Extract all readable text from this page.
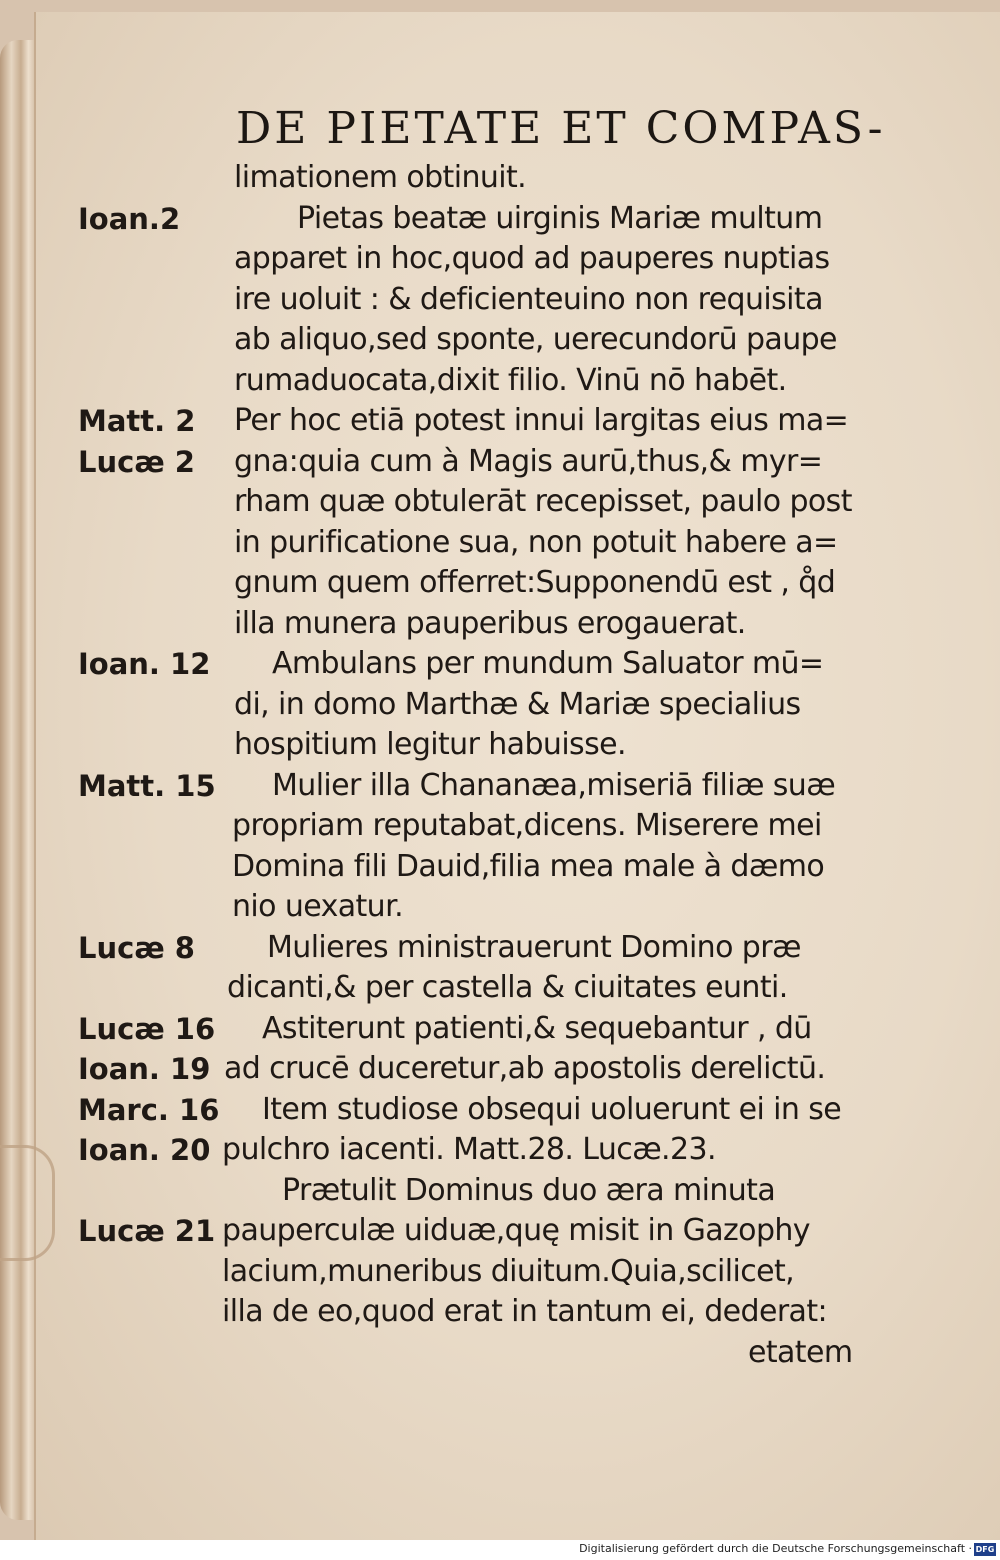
DE PIETATE ET COMPAS-
limationem obtinuit.
Ioan.2	Pietas beatæ uirginis Mariæ multum
apparet in hoc,quod ad pauperes nuptias
ire uoluit : & deficienteuino non requisita
ab aliquo,sed sponte, uerecundorū paupe
rumaduocata,dixit filio. Vinū nō habēt.
Matt. 2	Per hoc etiā potest innui largitas eius ma=
Lucæ 2	gna:quia cum à Magis aurū,thus,& myr=
rham quæ obtulerāt recepisset, paulo post
in purificatione sua, non potuit habere a=
gnum quem offerret:Supponendū est , q̊d
illa munera pauperibus erogauerat.
Ioan. 12 Ambulans per mundum Saluator mū=
di, in domo Marthæ & Mariæ specialius
hospitium legitur habuisse.
Matt. 15 Mulier illa Chananæa,miseriā filiæ suæ
propriam reputabat,dicens. Miserere mei
Domina fili Dauid,filia mea male à dæmo
nio uexatur.
Lucæ 8	Mulieres ministrauerunt Domino præ
dicanti,& per castella & ciuitates eunti.
Lucæ 16 Astiterunt patienti,& sequebantur , dū
Ioan. 19 ad crucē duceretur,ab apostolis derelictū.
Marc. 16 Item studiose obsequi uoluerunt ei in se
Ioan. 20 pulchro iacenti. Matt.28. Lucæ.23.
Prætulit Dominus duo æra minuta
Lucæ 21 pauperculæ uiduæ,quę misit in Gazophy
lacium,muneribus diuitum.Quia,scilicet,
illa de eo,quod erat in tantum ei, dederat:
etatem
Digitalisierung gefördert durch die Deutsche Forschungsgemeinschaft · DFG
